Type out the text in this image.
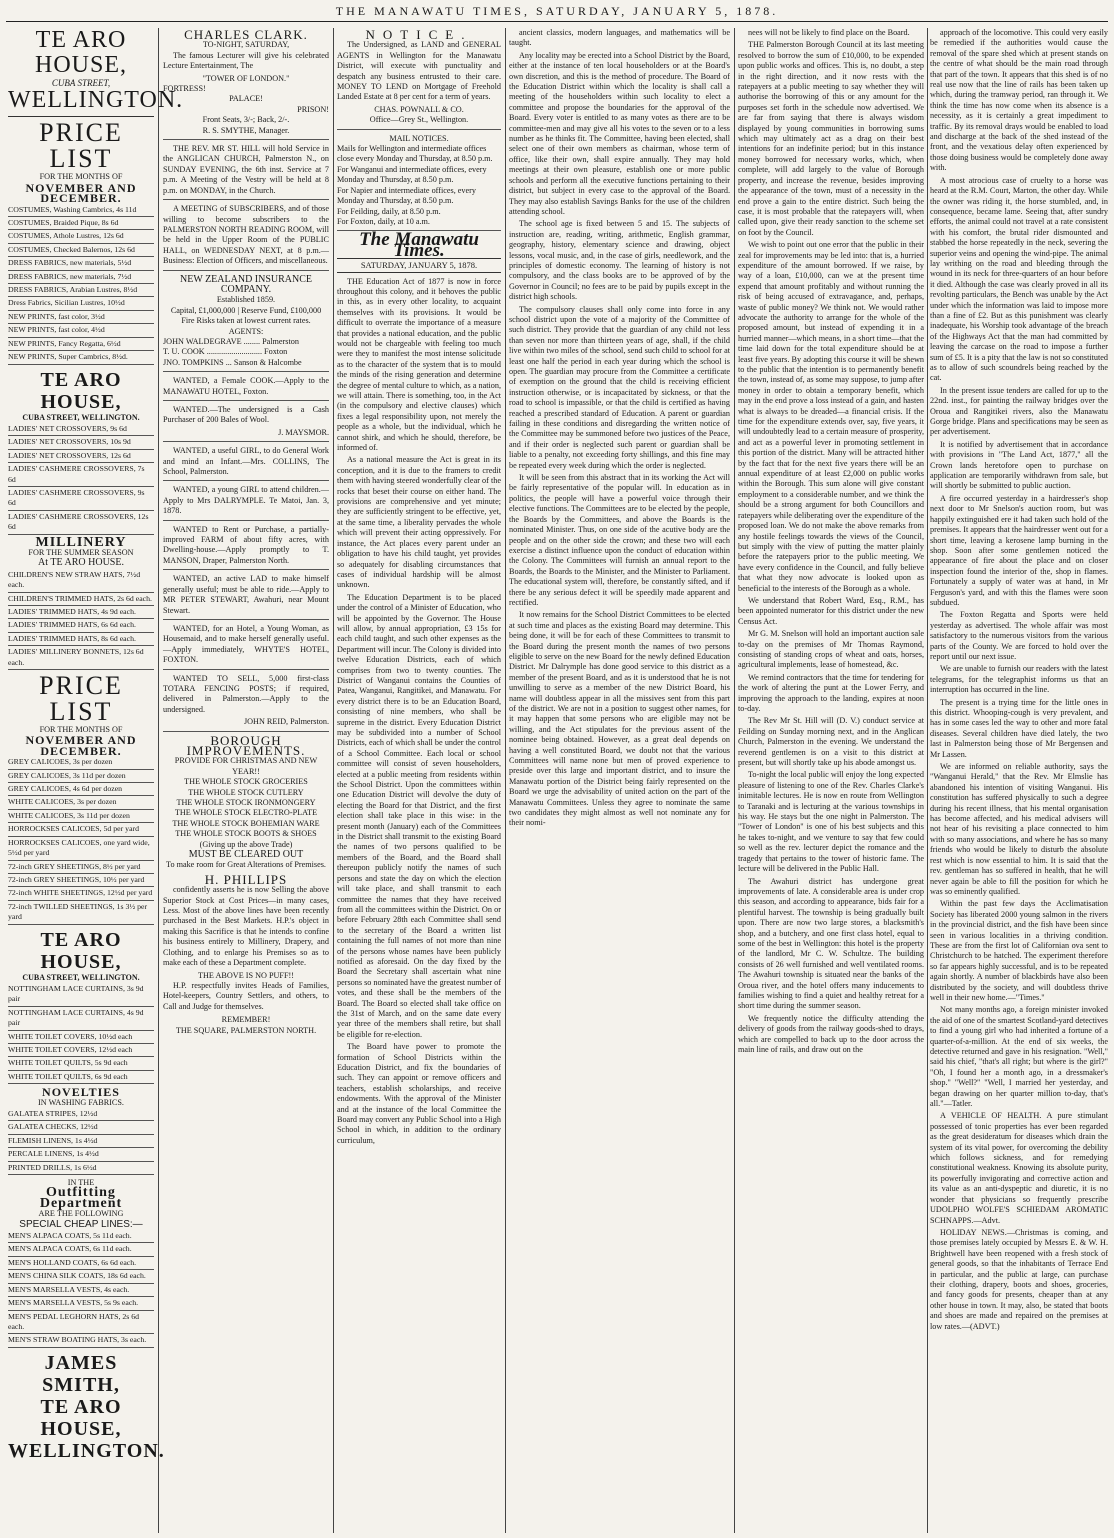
THE MANAWATU TIMES, SATURDAY, JANUARY 5, 1878.
TE ARO HOUSE,
CUBA STREET,
WELLINGTON.
PRICE LIST
FOR THE MONTHS OF
NOVEMBER AND DECEMBER.
COSTUMES, Washing Cambrics, 4s 11d
COSTUMES, Braided Pique, 8s 6d
COSTUMES, Athole Lustres, 12s 6d
COSTUMES, Checked Balernos, 12s 6d
DRESS FABRICS, new materials, 5½d
DRESS FABRICS, new materials, 7½d
DRESS FABRICS, Arabian Lustres, 8½d
Dress Fabrics, Sicilian Lustres, 10½d
NEW PRINTS, fast color, 3½d
NEW PRINTS, fast color, 4½d
NEW PRINTS, Fancy Regatta, 6½d
NEW PRINTS, Super Cambrics, 8½d.
TE ARO HOUSE,
CUBA STREET, WELLINGTON.
LADIES' NET CROSSOVERS, 9s 6d
LADIES' NET CROSSOVERS, 10s 9d
LADIES' NET CROSSOVERS, 12s 6d
LADIES' CASHMERE CROSSOVERS, 7s 6d
LADIES' CASHMERE CROSSOVERS, 9s 6d
LADIES' CASHMERE CROSSOVERS, 12s 6d
MILLINERY
FOR THE SUMMER SEASON
At TE ARO HOUSE.
CHILDREN'S NEW STRAW HATS, 7½d each.
CHILDREN'S TRIMMED HATS, 2s 6d each.
LADIES' TRIMMED HATS, 4s 9d each.
LADIES' TRIMMED HATS, 6s 6d each.
LADIES' TRIMMED HATS, 8s 6d each.
LADIES' MILLINERY BONNETS, 12s 6d each.
PRICE LIST
FOR THE MONTHS OF
NOVEMBER AND DECEMBER.
GREY CALICOES, 3s per dozen
GREY CALICOES, 3s 11d per dozen
GREY CALICOES, 4s 6d per dozen
WHITE CALICOES, 3s per dozen
WHITE CALICOES, 3s 11d per dozen
HORROCKSES CALICOES, 5d per yard
HORROCKSES CALICOES, one yard wide, 5½d per yard
72-inch GREY SHEETINGS, 8½ per yard
72-inch GREY SHEETINGS, 10½ per yard
72-inch WHITE SHEETINGS, 12½d per yard
72-inch TWILLED SHEETINGS, 1s 3½ per yard
TE ARO HOUSE,
CUBA STREET, WELLINGTON.
NOTTINGHAM LACE CURTAINS, 3s 9d pair
NOTTINGHAM LACE CURTAINS, 4s 9d pair
WHITE TOILET COVERS, 10½d each
WHITE TOILET COVERS, 12½d each
WHITE TOILET QUILTS, 5s 9d each
WHITE TOILET QUILTS, 6s 9d each
NOVELTIES
IN WASHING FABRICS.
GALATEA STRIPES, 12½d
GALATEA CHECKS, 12½d
FLEMISH LINENS, 1s 4½d
PERCALE LINENS, 1s 4½d
PRINTED DRILLS, 1s 6½d
IN THE
Outfitting Department
ARE THE FOLLOWING
SPECIAL CHEAP LINES:—
MEN'S ALPACA COATS, 5s 11d each.
MEN'S ALPACA COATS, 6s 11d each.
MEN'S HOLLAND COATS, 6s 6d each.
MEN'S CHINA SILK COATS, 18s 6d each.
MEN'S MARSELLA VESTS, 4s each.
MEN'S MARSELLA VESTS, 5s 9s each.
MEN'S PEDAL LEGHORN HATS, 2s 6d each.
MEN'S STRAW BOATING HATS, 3s each.
JAMES SMITH,
TE ARO HOUSE,
WELLINGTON.
CHARLES CLARK.
TO-NIGHT, SATURDAY,
The famous Lecturer will give his celebrated Lecture Entertainment, The
"TOWER OF LONDON."
FORTRESS!
PALACE!
PRISON!
Front Seats, 3/-; Back, 2/-.
R. S. SMYTHE, Manager.
THE REV. MR ST. HILL will hold Service in the ANGLICAN CHURCH, Palmerston N., on SUNDAY EVENING, the 6th inst. Service at 7 p.m. A Meeting of the Vestry will be held at 8 p.m. on MONDAY, in the Church.
A MEETING of SUBSCRIBERS, and of those willing to become subscribers to the PALMERSTON NORTH READING ROOM, will be held in the Upper Room of the PUBLIC HALL, on WEDNESDAY NEXT, at 8 p.m.—Business: Election of Officers, and miscellaneous.
NEW ZEALAND INSURANCE COMPANY.
Established 1859.
Capital, £1,000,000 | Reserve Fund, £100,000
Fire Risks taken at lowest current rates.
AGENTS:
JOHN WALDEGRAVE ........ Palmerston
T. U. COOK ........................... Foxton
JNO. TOMPKINS ... Sanson & Halcombe
WANTED, a Female COOK.—Apply to the MANAWATU HOTEL, Foxton.
WANTED.—The undersigned is a Cash Purchaser of 200 Bales of Wool.
J. MAYSMOR.
WANTED, a useful GIRL, to do General Work and mind an Infant.—Mrs. COLLINS, The School, Palmerston.
WANTED, a young GIRL to attend children.—Apply to Mrs DALRYMPLE. Te Matoi, Jan. 3, 1878.
WANTED to Rent or Purchase, a partially-improved FARM of about fifty acres, with Dwelling-house.—Apply promptly to T. MANSON, Draper, Palmerston North.
WANTED, an active LAD to make himself generally useful; must be able to ride.—Apply to MR PETER STEWART, Awahuri, near Mount Stewart.
WANTED, for an Hotel, a Young Woman, as Housemaid, and to make herself generally useful.—Apply immediately, WHYTE'S HOTEL, FOXTON.
WANTED TO SELL, 5,000 first-class TOTARA FENCING POSTS; if required, delivered in Palmerston.—Apply to the undersigned.
JOHN REID, Palmerston.
BOROUGH IMPROVEMENTS.
PROVIDE FOR CHRISTMAS AND NEW YEAR!!
THE WHOLE STOCK GROCERIES
THE WHOLE STOCK CUTLERY
THE WHOLE STOCK IRONMONGERY
THE WHOLE STOCK ELECTRO-PLATE
THE WHOLE STOCK BOHEMIAN WARE
THE WHOLE STOCK BOOTS & SHOES
(Giving up the above Trade)
MUST BE CLEARED OUT
To make room for Great Alterations of Premises.
H. PHILLIPS
confidently asserts he is now Selling the above Superior Stock at Cost Prices—in many cases, Less. Most of the above lines have been recently purchased in the Best Markets. H.P.'s object in making this Sacrifice is that he intends to confine his business entirely to Millinery, Drapery, and Clothing, and to enlarge his Premises so as to make each of these a Department complete.
THE ABOVE IS NO PUFF!!
H.P. respectfully invites Heads of Families, Hotel-keepers, Country Settlers, and others, to Call and Judge for themselves.
REMEMBER!
THE SQUARE, PALMERSTON NORTH.
NOTICE.
The Undersigned, as LAND and GENERAL AGENTS in Wellington for the Manawatu District, will execute with punctuality and despatch any business entrusted to their care. MONEY TO LEND on Mortgage of Freehold Landed Estate at 8 per cent for a term of years.
CHAS. POWNALL & CO.
Office—Grey St., Wellington.
MAIL NOTICES.
Mails for Wellington and intermediate offices close every Monday and Thursday, at 8.50 p.m.
For Wanganui and intermediate offices, every Monday and Thursday, at 8.50 p.m.
For Napier and intermediate offices, every Monday and Thursday, at 8.50 p.m.
For Feilding, daily, at 8.50 p.m.
For Foxton, daily, at 10 a.m.
The Manawatu Times.
SATURDAY, JANUARY 5, 1878.
THE Education Act of 1877 is now in force throughout this colony, and it behoves the public in this, as in every other locality, to acquaint themselves with its provisions. It would be difficult to overrate the importance of a measure that provides a national education, and the public would not be chargeable with feeling too much were they to manifest the most intense solicitude as to the character of the system that is to mould the minds of the rising generation and determine the degree of mental culture to which, as a nation, we will attain. There is something, too, in the Act (in the compulsory and elective clauses) which fixes a legal responsibility upon, not merely the people as a whole, but the individual, which he cannot shirk, and which he should, therefore, be informed of.
As a national measure the Act is great in its conception, and it is due to the framers to credit them with having steered wonderfully clear of the rocks that beset their course on either hand. The provisions are comprehensive and yet minute; they are sufficiently stringent to be effective, yet, at the same time, a liberality pervades the whole which will prevent their acting oppressively. For instance, the Act places every parent under an obligation to have his child taught, yet provides so adequately for disabling circumstances that cases of individual hardship will be almost unknown.
The Education Department is to be placed under the control of a Minister of Education, who will be appointed by the Governor. The House will allow, by annual appropriation, £3 15s for each child taught, and such other expenses as the Department will incur. The Colony is divided into twelve Education Districts, each of which comprises from two to twenty counties. The District of Wanganui contains the Counties of Patea, Wanganui, Rangitikei, and Manawatu. For every district there is to be an Education Board, consisting of nine members, who shall be supreme in the district. Every Education District may be subdivided into a number of School Districts, each of which shall be under the control of a School Committee. Each local or school committee will consist of seven householders, elected at a public meeting from residents within the School District. Upon the committees within one Education District will devolve the duty of electing the Board for that District, and the first election shall take place in this wise: in the present month (January) each of the Committees in the District shall transmit to the existing Board the names of two persons qualified to be members of the Board, and the Board shall thereupon publicly notify the names of such persons and state the day on which the election will take place, and shall transmit to each committee the names that they have received from all the committees within the District. On or before February 28th each Committee shall send to the secretary of the Board a written list containing the full names of not more than nine of the persons whose names have been publicly notified as aforesaid. On the day fixed by the Board the Secretary shall ascertain what nine persons so nominated have the greatest number of votes, and these shall be the members of the Board. The Board so elected shall take office on the 31st of March, and on the same date every year three of the members shall retire, but shall be eligible for re-election.
The Board have power to promote the formation of School Districts within the Education District, and fix the boundaries of such. They can appoint or remove officers and teachers, establish scholarships, and receive endowments. With the approval of the Minister and at the instance of the local Committee the Board may convert any Public School into a High School in which, in addition to the ordinary curriculum,
ancient classics, modern languages, and mathematics will be taught.
Any locality may be erected into a School District by the Board, either at the instance of ten local householders or at the Board's own discretion, and this is the method of procedure. The Board of the Education District within which the locality is shall call a meeting of the householders within such locality to elect a committee and propose the boundaries for the approval of the Board. Every voter is entitled to as many votes as there are to be committee-men and may give all his votes to the seven or to a less number as he thinks fit. The Committee, having been elected, shall select one of their own members as chairman, whose term of office, like their own, shall expire annually. They may hold meetings at their own pleasure, establish one or more public schools and perform all the executive functions pertaining to their district, but subject in every case to the approval of the Board. They may also establish Savings Banks for the use of the children attending school.
The school age is fixed between 5 and 15. The subjects of instruction are, reading, writing, arithmetic, English grammar, geography, history, elementary science and drawing, object lessons, vocal music, and, in the case of girls, needlework, and the principles of domestic economy. The learning of history is not compulsory, and the class books are to be approved of by the Governor in Council; no fees are to be paid by pupils except in the district high schools.
The compulsory clauses shall only come into force in any school district upon the vote of a majority of the Committee of such district. They provide that the guardian of any child not less than seven nor more than thirteen years of age, shall, if the child live within two miles of the school, send such child to school for at least one half the period in each year during which the school is open. The guardian may procure from the Committee a certificate of exemption on the ground that the child is receiving efficient instruction otherwise, or is incapacitated by sickness, or that the road to school is impassible, or that the child is certified as having reached a prescribed standard of Education. A parent or guardian failing in these conditions and disregarding the written notice of the Committee may be summoned before two justices of the Peace, and if their order is neglected such parent or guardian shall be liable to a penalty, not exceeding forty shillings, and this fine may be repeated every week during which the order is neglected.
It will be seen from this abstract that in its working the Act will be fairly representative of the popular will. In education as in politics, the people will have a powerful voice through their elective functions. The Committees are to be elected by the people, the Boards by the Committees, and above the Boards is the nominated Minister. Thus, on one side of the acutive body are the people and on the other side the crown; and these two will each exercise a distinct influence upon the conduct of education within the Colony. The Committees will furnish an annual report to the Boards, the Boards to the Minister, and the Minister to Parliament. The educational system will, therefore, be constantly sifted, and if there be any serious defect it will be speedily made apparent and rectified.
It now remains for the School District Committees to be elected at such time and places as the existing Board may determine. This being done, it will be for each of these Committees to transmit to the Board during the present month the names of two persons eligible to serve on the new Board for the newly defined Education District. Mr Dalrymple has done good service to this district as a member of the present Board, and as it is understood that he is not unwilling to serve as a member of the new District Board, his name will doubtless appear in all the missives sent from this part of the district. We are not in a position to suggest other names, for it may happen that some persons who are eligible may not be willing, and the Act stipulates for the previous assent of the nominee being obtained. However, as a great deal depends on having a well constituted Board, we doubt not that the various Committees will name none but men of proved experience to preside over this large and important district, and to insure the Manawatu portion of the District being fairly represented on the Board we urge the advisability of united action on the part of the Manawatu Committees. Unless they agree to nominate the same two candidates they might almost as well not nominate any for their nomi-
nees will not be likely to find place on the Board.
THE Palmerston Borough Council at its last meeting resolved to borrow the sum of £10,000, to be expended upon public works and offices. This is, no doubt, a step in the right direction, and it now rests with the ratepayers at a public meeting to say whether they will authorise the borrowing of this or any amount for the purposes set forth in the schedule now advertised. We are far from saying that there is always wisdom displayed by young communities in borrowing sums which may ultimately act as a drag on their best intentions for an indefinite period; but in this instance money borrowed for necessary works, which, when complete, will add largely to the value of Borough property, and increase the revenue, besides improving the appearance of the town, must of a necessity in the end prove a gain to the entire district. Such being the case, it is most probable that the ratepayers will, when called upon, give their ready sanction to the scheme set on foot by the Council.
We wish to point out one error that the public in their zeal for improvements may be led into: that is, a hurried expenditure of the amount borrowed. If we raise, by way of a loan, £10,000, can we at the present time expend that amount profitably and without running the risk of being accused of extravagance, and, perhaps, waste of public money? We think not. We would rather advocate the authority to arrange for the whole of the proposed amount, but instead of expending it in a hurried manner—which means, in a short time—that the time laid down for the total expenditure should be at least five years. By adopting this course it will be shewn to the public that the intention is to permanently benefit the town, instead of, as some may suppose, to jump after money in order to obtain a temporary benefit, which may in the end prove a loss instead of a gain, and hasten what is always to be dreaded—a financial crisis. If the time for the expenditure extends over, say, five years, it will undoubtedly lead to a certain measure of prosperity, and act as a powerful lever in promoting settlement in this portion of the district. Many will be attracted hither by the fact that for the next five years there will be an annual expenditure of at least £2,000 on public works within the Borough. This sum alone will give constant employment to a considerable number, and we think the should be a strong argument for both Councillors and ratepayers while deliberating over the expenditure of the proposed loan. We do not make the above remarks from any hostile feelings towards the views of the Council, but simply with the view of putting the matter plainly before the ratepayers prior to the public meeting. We have every confidence in the Council, and fully believe that what they now advocate is looked upon as beneficial to the interests of the Borough as a whole.
We understand that Robert Ward, Esq., R.M., has been appointed numerator for this district under the new Census Act.
Mr G. M. Snelson will hold an important auction sale to-day on the premises of Mr Thomas Raymond, consisting of standing crops of wheat and oats, horses, agricultural implements, lease of homestead, &c.
We remind contractors that the time for tendering for the work of altering the punt at the Lower Ferry, and improving the approach to the landing, expires at noon to-day.
The Rev Mr St. Hill will (D. V.) conduct service at Feilding on Sunday morning next, and in the Anglican Church, Palmerston in the evening. We understand the reverend gentlemen is on a visit to this district at present, but will shortly take up his abode amongst us.
To-night the local public will enjoy the long expected pleasure of listening to one of the Rev. Charles Clarke's inimitable lectures. He is now en route from Wellington to Taranaki and is lecturing at the various townships in his way. He stays but the one night in Palmerston. The "Tower of London" is one of his best subjects and this he takes to-night, and we venture to say that few could so well as the rev. lecturer depict the romance and the tragedy that pertains to the tower of historic fame. The lecture will be delivered in the Public Hall.
The Awahuri district has undergone great improvements of late. A considerable area is under crop this season, and according to appearance, bids fair for a plentiful harvest. The township is being gradually built upon. There are now two large stores, a blacksmith's shop, and a butchery, and one first class hotel, equal to some of the best in Wellington: this hotel is the property of the landlord, Mr C. W. Schultze. The building consists of 26 well furnished and well ventilated rooms. The Awahuri township is situated near the banks of the Oroua river, and the hotel offers many inducements to families wishing to find a quiet and healthy retreat for a short time during the summer season.
We frequently notice the difficulty attending the delivery of goods from the railway goods-shed to drays, which are compelled to back up to the door across the main line of rails, and draw out on the
approach of the locomotive. This could very easily be remedied if the authorities would cause the removal of the spare shed which at present stands on the centre of what should be the main road through that part of the town. It appears that this shed is of no real use now that the line of rails has been taken up which, during the tramway period, ran through it. We think the time has now come when its absence is a necessity, as it is certainly a great impediment to traffic. By its removal drays would be enabled to load and discharge at the back of the shed instead of the front, and the vexatious delay often experienced by those doing business would be completely done away with.
A most atrocious case of cruelty to a horse was heard at the R.M. Court, Marton, the other day. While the owner was riding it, the horse stumbled, and, in consequence, became lame. Seeing that, after sundry efforts, the animal could not travel at a rate consistent with his comfort, the brutal rider dismounted and stabbed the horse repeatedly in the neck, severing the superior veins and opening the wind-pipe. The animal lay writhing on the road and bleeding through the wound in its neck for three-quarters of an hour before it died. Although the case was clearly proved in all its revolting particulars, the Bench was unable by the Act under which the information was laid to impose more than a fine of £2. But as this punishment was clearly inadequate, his Worship took advantage of the breach of the Highways Act that the man had committed by leaving the carcase on the road to impose a further sum of £5. It is a pity that the law is not so constituted as to allow of such scoundrels being reached by the cat.
In the present issue tenders are called for up to the 22nd. inst., for painting the railway bridges over the Oroua and Rangitikei rivers, also the Manawatu Gorge bridge. Plans and specifications may be seen as per advertisement.
It is notified by advertisement that in accordance with provisions in "The Land Act, 1877," all the Crown lands heretofore open to purchase on application are temporarily withdrawn from sale, but will shortly be submitted to public auction.
A fire occurred yesterday in a hairdresser's shop next door to Mr Snelson's auction room, but was happily extinguished ere it had taken such hold of the premises. It appears that the hairdresser went out for a short time, leaving a kerosene lamp burning in the shop. Soon after some gentlemen noticed the appearance of fire about the place and on closer inspection found the interior of the, shop in flames. Fortunately a supply of water was at hand, in Mr Ferguson's yard, and with this the flames were soon subdued.
The Foxton Regatta and Sports were held yesterday as advertised. The whole affair was most satisfactory to the numerous visitors from the various parts of the County. We are forced to hold over the report until our next issue.
We are unable to furnish our readers with the latest telegrams, for the telegraphist informs us that an interruption has occurred in the line.
The present is a trying time for the little ones in this district. Whooping-cough is very prevalent, and has in some cases led the way to other and more fatal diseases. Several children have died lately, the two last in Palmerston being those of Mr Bergensen and Mr Lassen.
We are informed on reliable authority, says the "Wanganui Herald," that the Rev. Mr Elmslie has abandoned his intention of visiting Wanganui. His constitution has suffered physically to such a degree during his recent illness, that his mental organisation has become affected, and his medical advisers will not hear of his revisiting a place connected to him with so many associations, and where he has so many friends who would be likely to disturb the absolute rest which is now essential to him. It is said that the rev. gentleman has so suffered in health, that he will never again be able to fill the position for which he was so eminently qualified.
Within the past few days the Acclimatisation Society has liberated 2000 young salmon in the rivers in the provincial district, and the fish have been since seen in various localities in a thriving condition. These are from the first lot of Californian ova sent to Christchurch to be hatched. The experiment therefore so far appears highly successful, and is to be repeated again shortly. A number of blackbirds have also been distributed by the society, and will doubtless thrive well in their new home.—"Times."
Not many months ago, a foreign minister invoked the aid of one of the smartest Scotland-yard detectives to find a young girl who had inherited a fortune of a quarter-of-a-million. At the end of six weeks, the detective returned and gave in his resignation. "Well," said his chief, "that's all right; but where is the girl?" "Oh, I found her a month ago, in a dressmaker's shop." "Well?" "Well, I married her yesterday, and began drawing on her quarter million to-day, that's all."—Tatler.
A VEHICLE OF HEALTH. A pure stimulant possessed of tonic properties has ever been regarded as the great desideratum for diseases which drain the system of its vital power, for overcoming the debility which follows sickness, and for remedying constitutional weakness. Knowing its absolute purity, its powerfully invigorating and corrective action and its value as an anti-dyspeptic and diuretic, it is no wonder that physicians so frequently prescribe UDOLPHO WOLFE'S SCHIEDAM AROMATIC SCHNAPPS.—Advt.
HOLIDAY NEWS.—Christmas is coming, and those premises lately occupied by Messrs E. & W. H. Brightwell have been reopened with a fresh stock of general goods, so that the inhabitants of Terrace End in particular, and the public at large, can purchase their clothing, drapery, boots and shoes, groceries, and fancy goods for presents, cheaper than at any other house in town. It may, also, be stated that boots and shoes are made and repaired on the premises at low rates.—(ADVT.)
